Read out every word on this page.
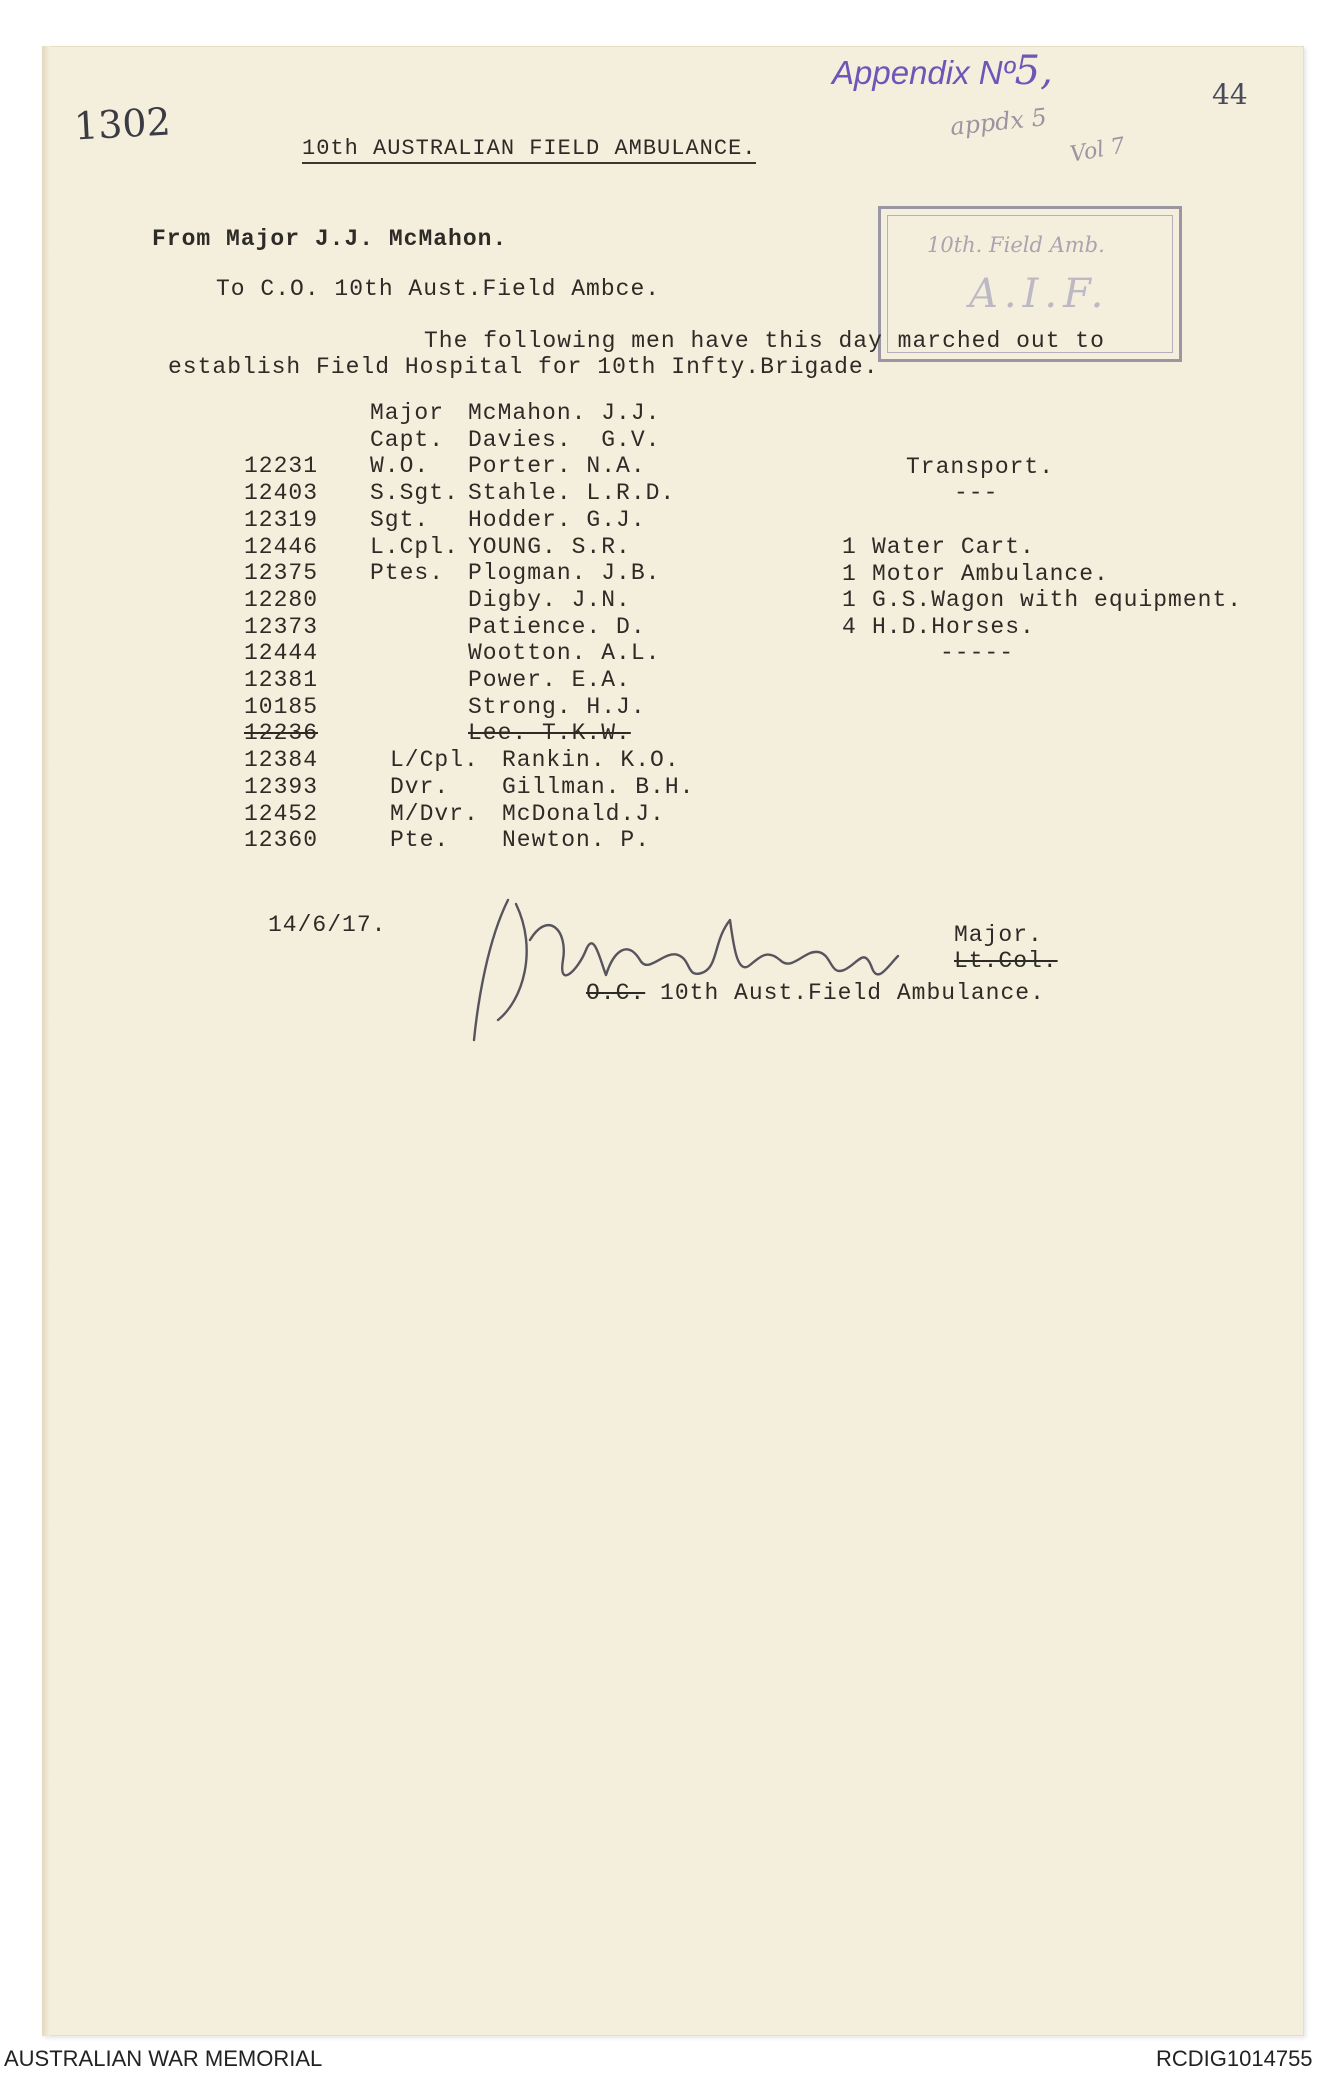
1302
Appendix Nº5,
appdx 5
Vol 7
44
10th AUSTRALIAN FIELD AMBULANCE.
10th. Field Amb.
A.I.F.
From Major J.J. McMahon.
To C.O. 10th Aust.Field Ambce.
The following men have this day marched out to
establish Field Hospital for 10th Infty.Brigade.
Major McMahon. J.J.
Capt. Davies.  G.V.
12231 W.O. Porter. N.A.
12403 S.Sgt. Stahle. L.R.D.
12319 Sgt. Hodder. G.J.
12446 L.Cpl. YOUNG. S.R.
12375 Ptes. Plogman. J.B.
12280	Digby. J.N.
12373	Patience. D.
12444	Wootton. A.L.
12381	Power. E.A.
10185	Strong. H.J.
12236	Lee. T.K.W.
12384	L/Cpl. Rankin. K.O.
12393	Dvr. Gillman. B.H.
12452	M/Dvr. McDonald.J.
12360	Pte. Newton. P.
Transport.
---
1 Water Cart.
1 Motor Ambulance.
1 G.S.Wagon with equipment.
4 H.D.Horses.
-----
14/6/17.	Major.
Lt.Col.
O.C. 10th Aust.Field Ambulance.
AUSTRALIAN WAR MEMORIAL	RCDIG1014755
